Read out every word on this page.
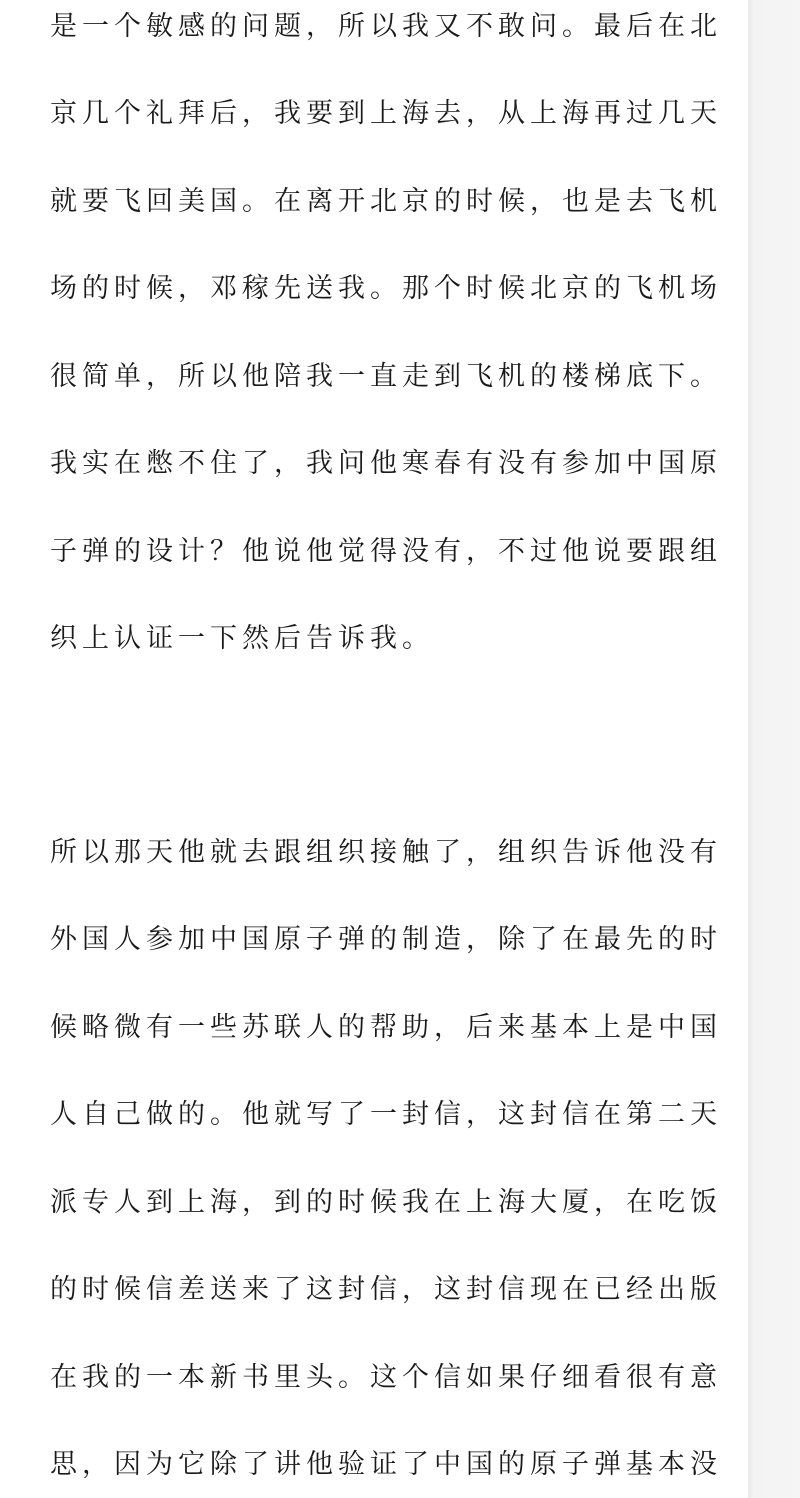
是一个敏感的问题，所以我又不敢问。最后在北
京几个礼拜后，我要到上海去，从上海再过几天
就要飞回美国。在离开北京的时候，也是去飞机
场的时候，邓稼先送我。那个时候北京的飞机场
很简单，所以他陪我一直走到飞机的楼梯底下。
我实在憋不住了，我问他寒春有没有参加中国原
子弹的设计？他说他觉得没有，不过他说要跟组
织上认证一下然后告诉我。
所以那天他就去跟组织接触了，组织告诉他没有
外国人参加中国原子弹的制造，除了在最先的时
候略微有一些苏联人的帮助，后来基本上是中国
人自己做的。他就写了一封信，这封信在第二天
派专人到上海，到的时候我在上海大厦，在吃饭
的时候信差送来了这封信，这封信现在已经出版
在我的一本新书里头。这个信如果仔细看很有意
思，因为它除了讲他验证了中国的原子弹基本没
